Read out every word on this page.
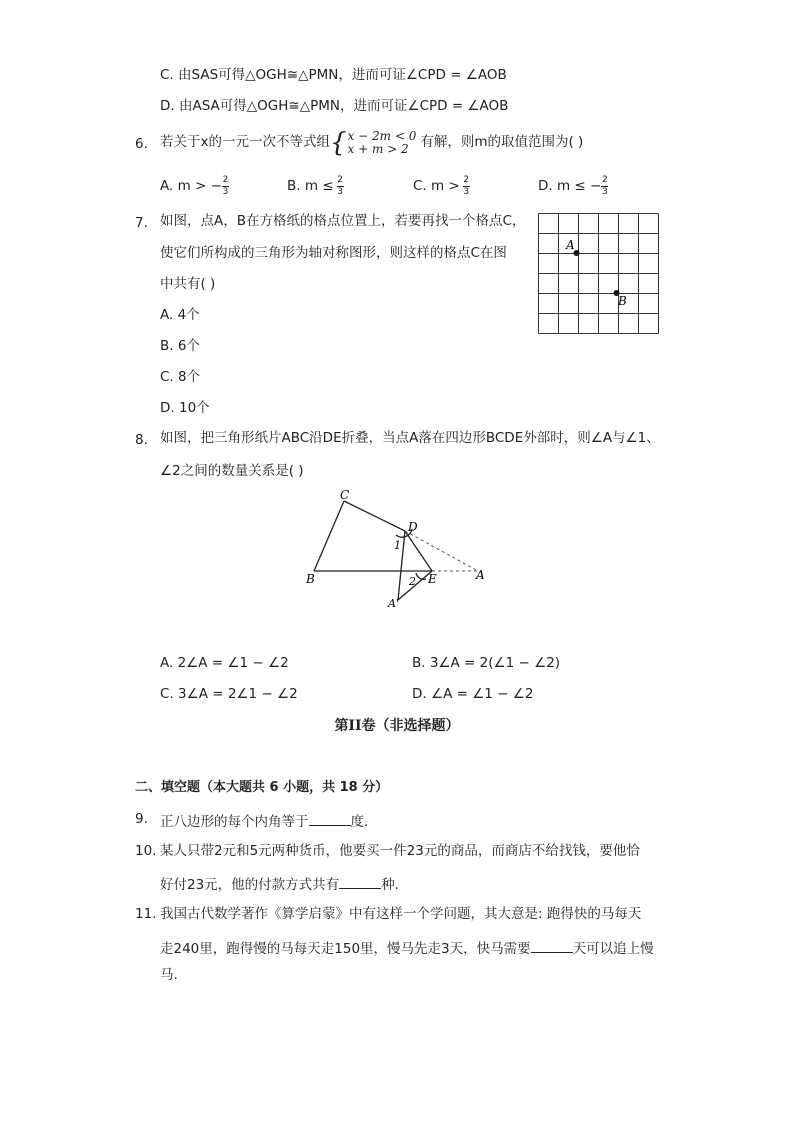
C. 由SAS可得△OGH≅△PMN，进而可证∠CPD = ∠AOB
D. 由ASA可得△OGH≅△PMN，进而可证∠CPD = ∠AOB
6. 若关于x的一元一次不等式组 { x − 2m < 0
x + m > 2 有解，则m的取值范围为( )
A. m > − $\frac{2}{3}$	B. $m \le \frac{2}{3}$	C. $m > \frac{2}{3}$	D. m ≤ − $\frac{2}{3}$
7. 如图，点A，B在方格纸的格点位置上，若要再找一个格点C，
使它们所构成的三角形为轴对称图形，则这样的格点C在图
中共有( )
A. 4个
B. 6个
C. 8个
D. 10个
A
B
8. 如图，把三角形纸片ABC沿DE折叠，当点A落在四边形BCDE外部时，则∠A与∠1、
∠2之间的数量关系是( )
C
D
B	E	A
A'
1
2
A. 2∠A = ∠1 − ∠2	B. 3∠A = 2(∠1 − ∠2)
C. 3∠A = 2∠1 − ∠2	D. ∠A = ∠1 − ∠2
第II卷（非选择题）
二、填空题（本大题共 6 小题，共 18 分）
9. 正八边形的每个内角等于	度.
10. 某人只带2元和5元两种货币，他要买一件23元的商品，而商店不给找钱，要他恰
好付23元，他的付款方式共有	种.
11. 我国古代数学著作《算学启蒙》中有这样一个学问题，其大意是: 跑得快的马每天
走240里，跑得慢的马每天走150里，慢马先走3天，快马需要	天可以追上慢
马.
